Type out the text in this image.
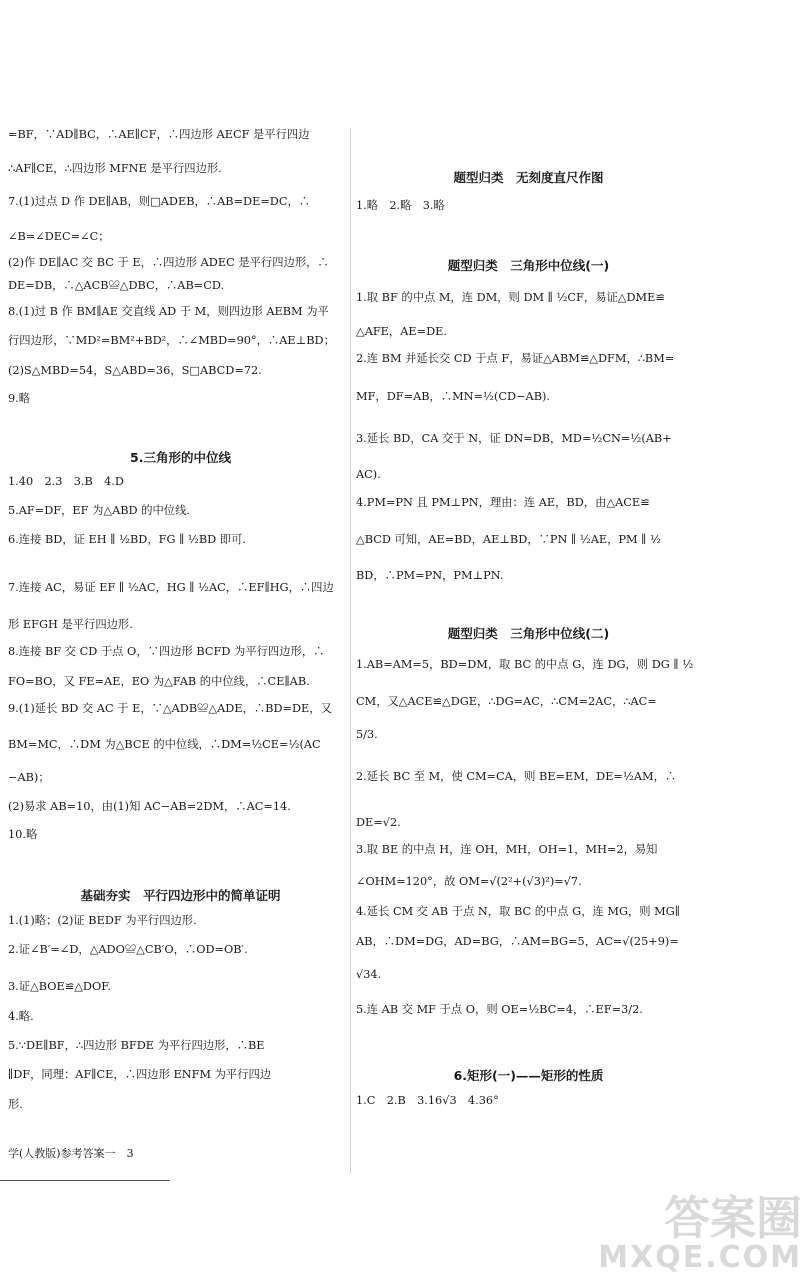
=BF，∵AD∥BC，∴AE∥CF，∴四边形 AECF 是平行四边
∴AF∥CE，∴四边形 MFNE 是平行四边形.
7.(1)过点 D 作 DE∥AB，则□ADEB，∴AB=DE=DC，∴
∠B=∠DEC=∠C；
(2)作 DE∥AC 交 BC 于 E，∴四边形 ADEC 是平行四边形，∴
DE=DB，∴△ACB≌△DBC，∴AB=CD.
8.(1)过 B 作 BM∥AE 交直线 AD 于 M，则四边形 AEBM 为平
行四边形，∵MD²=BM²+BD²，∴∠MBD=90°，∴AE⊥BD；
(2)S△MBD=54，S△ABD=36，S□ABCD=72.
9.略
5.三角形的中位线
1.40　2.3　3.B　4.D
5.AF=DF，EF 为△ABD 的中位线.
6.连接 BD，证 EH ∥ ½BD，FG ∥ ½BD 即可.
7.连接 AC，易证 EF ∥ ½AC，HG ∥ ½AC，∴EF∥HG，∴四边
形 EFGH 是平行四边形.
8.连接 BF 交 CD 于点 O，∵四边形 BCFD 为平行四边形，∴
FO=BO，又 FE=AE，EO 为△FAB 的中位线，∴CE∥AB.
9.(1)延长 BD 交 AC 于 E，∵△ADB≌△ADE，∴BD=DE，又
BM=MC，∴DM 为△BCE 的中位线，∴DM=½CE=½(AC
−AB)；
(2)易求 AB=10，由(1)知 AC−AB=2DM，∴AC=14.
10.略
基础夯实　平行四边形中的简单证明
1.(1)略；(2)证 BEDF 为平行四边形.
2.证∠B′=∠D，△ADO≌△CB′O，∴OD=OB′.
3.证△BOE≌△DOF.
4.略.
5.∵DE∥BF，∴四边形 BFDE 为平行四边形，∴BE
∥DF，同理：AF∥CE，∴四边形 ENFM 为平行四边
形.
题型归类　无刻度直尺作图
1.略　2.略　3.略
题型归类　三角形中位线(一)
1.取 BF 的中点 M，连 DM，则 DM ∥ ½CF，易证△DME≌
△AFE，AE=DE.
2.连 BM 并延长交 CD 于点 F，易证△ABM≌△DFM，∴BM=
MF，DF=AB，∴MN=½(CD−AB).
3.延长 BD，CA 交于 N，证 DN=DB，MD=½CN=½(AB+
AC).
4.PM=PN 且 PM⊥PN，理由：连 AE，BD，由△ACE≌
△BCD 可知，AE=BD，AE⊥BD，∵PN ∥ ½AE，PM ∥ ½
BD，∴PM=PN，PM⊥PN.
题型归类　三角形中位线(二)
1.AB=AM=5，BD=DM，取 BC 的中点 G，连 DG，则 DG ∥ ½
CM，又△ACE≌△DGE，∴DG=AC，∴CM=2AC，∴AC=
5/3.
2.延长 BC 至 M，使 CM=CA，则 BE=EM，DE=½AM，∴
DE=√2.
3.取 BE 的中点 H，连 OH，MH，OH=1，MH=2，易知
∠OHM=120°，故 OM=√(2²+(√3)²)=√7.
4.延长 CM 交 AB 于点 N，取 BC 的中点 G，连 MG，则 MG∥
AB，∴DM=DG，AD=BG，∴AM=BG=5，AC=√(25+9)=
√34.
5.连 AB 交 MF 于点 O，则 OE=½BC=4，∴EF=3/2.
6.矩形(一)——矩形的性质
1.C　2.B　3.16√3　4.36°
学(人教版)参考答案一　3
答案圈
MXQE.COM
